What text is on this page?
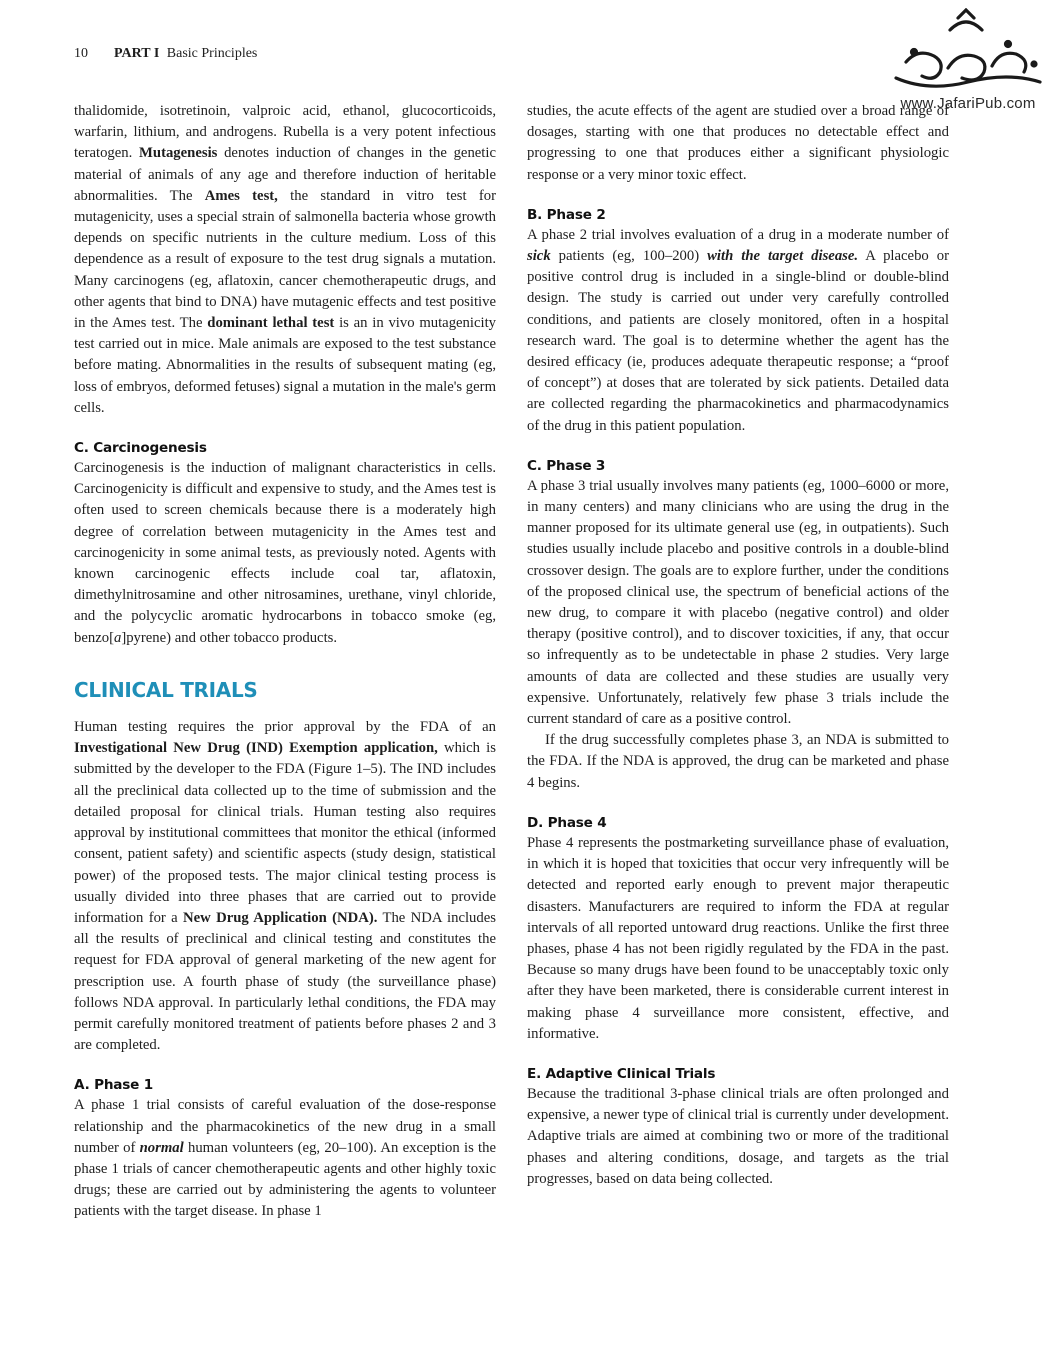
10 PART I Basic Principles
www.JafariPub.com

thalidomide, isotretinoin, valproic acid, ethanol, glucocorticoids, warfarin, lithium, and androgens. Rubella is a very potent infectious teratogen. Mutagenesis denotes induction of changes in the genetic material of animals of any age and therefore induction of heritable abnormalities. The Ames test, the standard in vitro test for mutagenicity, uses a special strain of salmonella bacteria whose growth depends on specific nutrients in the culture medium. Loss of this dependence as a result of exposure to the test drug signals a mutation. Many carcinogens (eg, aflatoxin, cancer chemotherapeutic drugs, and other agents that bind to DNA) have mutagenic effects and test positive in the Ames test. The dominant lethal test is an in vivo mutagenicity test carried out in mice. Male animals are exposed to the test substance before mating. Abnormalities in the results of subsequent mating (eg, loss of embryos, deformed fetuses) signal a mutation in the male's germ cells.

C. Carcinogenesis

Carcinogenesis is the induction of malignant characteristics in cells. Carcinogenicity is difficult and expensive to study, and the Ames test is often used to screen chemicals because there is a moderately high degree of correlation between mutagenicity in the Ames test and carcinogenicity in some animal tests, as previously noted. Agents with known carcinogenic effects include coal tar, aflatoxin, dimethylnitrosamine and other nitrosamines, urethane, vinyl chloride, and the polycyclic aromatic hydrocarbons in tobacco smoke (eg, benzo[a]pyrene) and other tobacco products.

CLINICAL TRIALS

Human testing requires the prior approval by the FDA of an Investigational New Drug (IND) Exemption application, which is submitted by the developer to the FDA (Figure 1–5). The IND includes all the preclinical data collected up to the time of submission and the detailed proposal for clinical trials. Human testing also requires approval by institutional committees that monitor the ethical (informed consent, patient safety) and scientific aspects (study design, statistical power) of the proposed tests. The major clinical testing process is usually divided into three phases that are carried out to provide information for a New Drug Application (NDA). The NDA includes all the results of preclinical and clinical testing and constitutes the request for FDA approval of general marketing of the new agent for prescription use. A fourth phase of study (the surveillance phase) follows NDA approval. In particularly lethal conditions, the FDA may permit carefully monitored treatment of patients before phases 2 and 3 are completed.

A. Phase 1

A phase 1 trial consists of careful evaluation of the dose-response relationship and the pharmacokinetics of the new drug in a small number of normal human volunteers (eg, 20–100). An exception is the phase 1 trials of cancer chemotherapeutic agents and other highly toxic drugs; these are carried out by administering the agents to volunteer patients with the target disease. In phase 1

studies, the acute effects of the agent are studied over a broad range of dosages, starting with one that produces no detectable effect and progressing to one that produces either a significant physiologic response or a very minor toxic effect.

B. Phase 2

A phase 2 trial involves evaluation of a drug in a moderate number of sick patients (eg, 100–200) with the target disease. A placebo or positive control drug is included in a single-blind or double-blind design. The study is carried out under very carefully controlled conditions, and patients are closely monitored, often in a hospital research ward. The goal is to determine whether the agent has the desired efficacy (ie, produces adequate therapeutic response; a “proof of concept”) at doses that are tolerated by sick patients. Detailed data are collected regarding the pharmacokinetics and pharmacodynamics of the drug in this patient population.

C. Phase 3

A phase 3 trial usually involves many patients (eg, 1000–6000 or more, in many centers) and many clinicians who are using the drug in the manner proposed for its ultimate general use (eg, in outpatients). Such studies usually include placebo and positive controls in a double-blind crossover design. The goals are to explore further, under the conditions of the proposed clinical use, the spectrum of beneficial actions of the new drug, to compare it with placebo (negative control) and older therapy (positive control), and to discover toxicities, if any, that occur so infrequently as to be undetectable in phase 2 studies. Very large amounts of data are collected and these studies are usually very expensive. Unfortunately, relatively few phase 3 trials include the current standard of care as a positive control.

If the drug successfully completes phase 3, an NDA is submitted to the FDA. If the NDA is approved, the drug can be marketed and phase 4 begins.

D. Phase 4

Phase 4 represents the postmarketing surveillance phase of evaluation, in which it is hoped that toxicities that occur very infrequently will be detected and reported early enough to prevent major therapeutic disasters. Manufacturers are required to inform the FDA at regular intervals of all reported untoward drug reactions. Unlike the first three phases, phase 4 has not been rigidly regulated by the FDA in the past. Because so many drugs have been found to be unacceptably toxic only after they have been marketed, there is considerable current interest in making phase 4 surveillance more consistent, effective, and informative.

E. Adaptive Clinical Trials

Because the traditional 3-phase clinical trials are often prolonged and expensive, a newer type of clinical trial is currently under development. Adaptive trials are aimed at combining two or more of the traditional phases and altering conditions, dosage, and targets as the trial progresses, based on data being collected.
